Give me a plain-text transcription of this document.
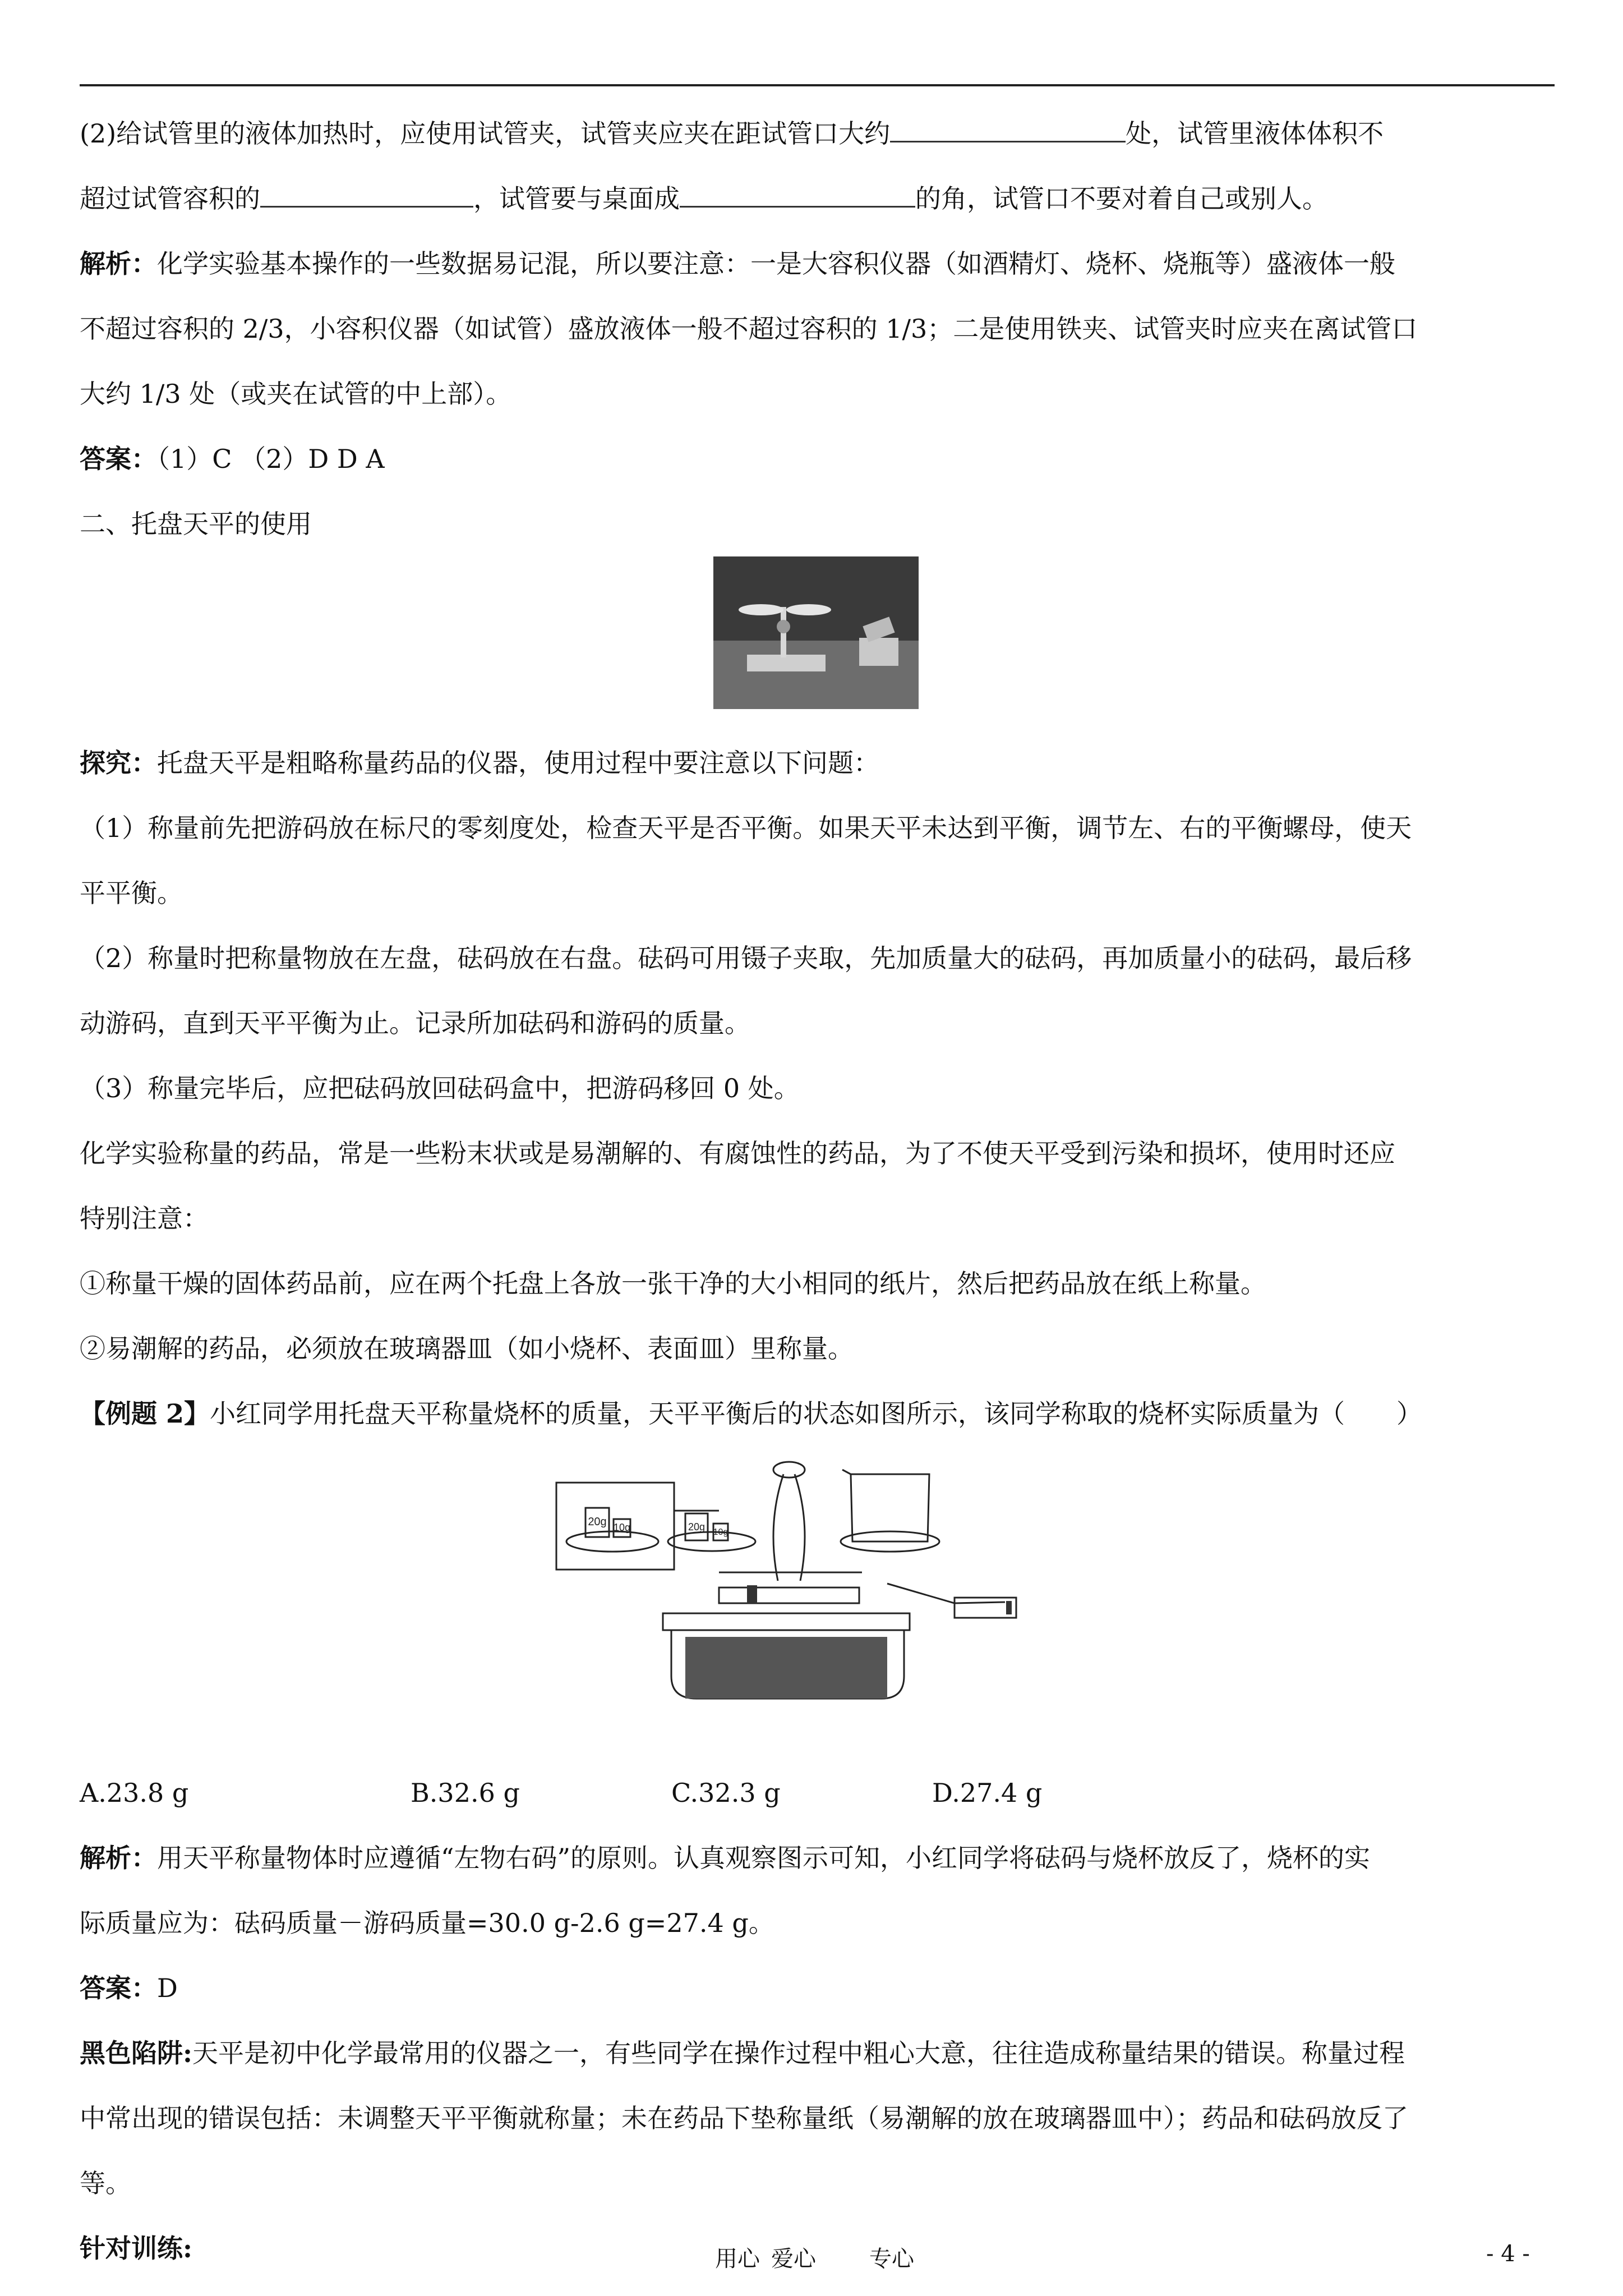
(2)给试管里的液体加热时，应使用试管夹，试管夹应夹在距试管口大约	处，试管里液体体积不
超过试管容积的	，试管要与桌面成	的角，试管口不要对着自己或别人。
解析：化学实验基本操作的一些数据易记混，所以要注意：一是大容积仪器（如酒精灯、烧杯、烧瓶等）盛液体一般
不超过容积的 2/3，小容积仪器（如试管）盛放液体一般不超过容积的 1/3；二是使用铁夹、试管夹时应夹在离试管口
大约 1/3 处（或夹在试管的中上部）。
答案：（1）C （2）D D A
二、托盘天平的使用
探究：托盘天平是粗略称量药品的仪器，使用过程中要注意以下问题：
（1）称量前先把游码放在标尺的零刻度处，检查天平是否平衡。如果天平未达到平衡，调节左、右的平衡螺母，使天
平平衡。
（2）称量时把称量物放在左盘，砝码放在右盘。砝码可用镊子夹取，先加质量大的砝码，再加质量小的砝码，最后移
动游码，直到天平平衡为止。记录所加砝码和游码的质量。
（3）称量完毕后，应把砝码放回砝码盒中，把游码移回 0 处。
化学实验称量的药品，常是一些粉末状或是易潮解的、有腐蚀性的药品，为了不使天平受到污染和损坏，使用时还应
特别注意：
①称量干燥的固体药品前，应在两个托盘上各放一张干净的大小相同的纸片，然后把药品放在纸上称量。
②易潮解的药品，必须放在玻璃器皿（如小烧杯、表面皿）里称量。
【例题 2】小红同学用托盘天平称量烧杯的质量，天平平衡后的状态如图所示，该同学称取的烧杯实际质量为（　　）
20g 10g	20g 10g
A.23.8 g	B.32.6 g	C.32.3 g	D.27.4 g
解析：用天平称量物体时应遵循“左物右码”的原则。认真观察图示可知，小红同学将砝码与烧杯放反了，烧杯的实
际质量应为：砝码质量－游码质量=30.0 g-2.6 g=27.4 g。
答案：D
黑色陷阱:天平是初中化学最常用的仪器之一，有些同学在操作过程中粗心大意，往往造成称量结果的错误。称量过程
中常出现的错误包括：未调整天平平衡就称量；未在药品下垫称量纸（易潮解的放在玻璃器皿中）；药品和砝码放反了
等。
针对训练:	用心 爱心 专心	- 4 -
